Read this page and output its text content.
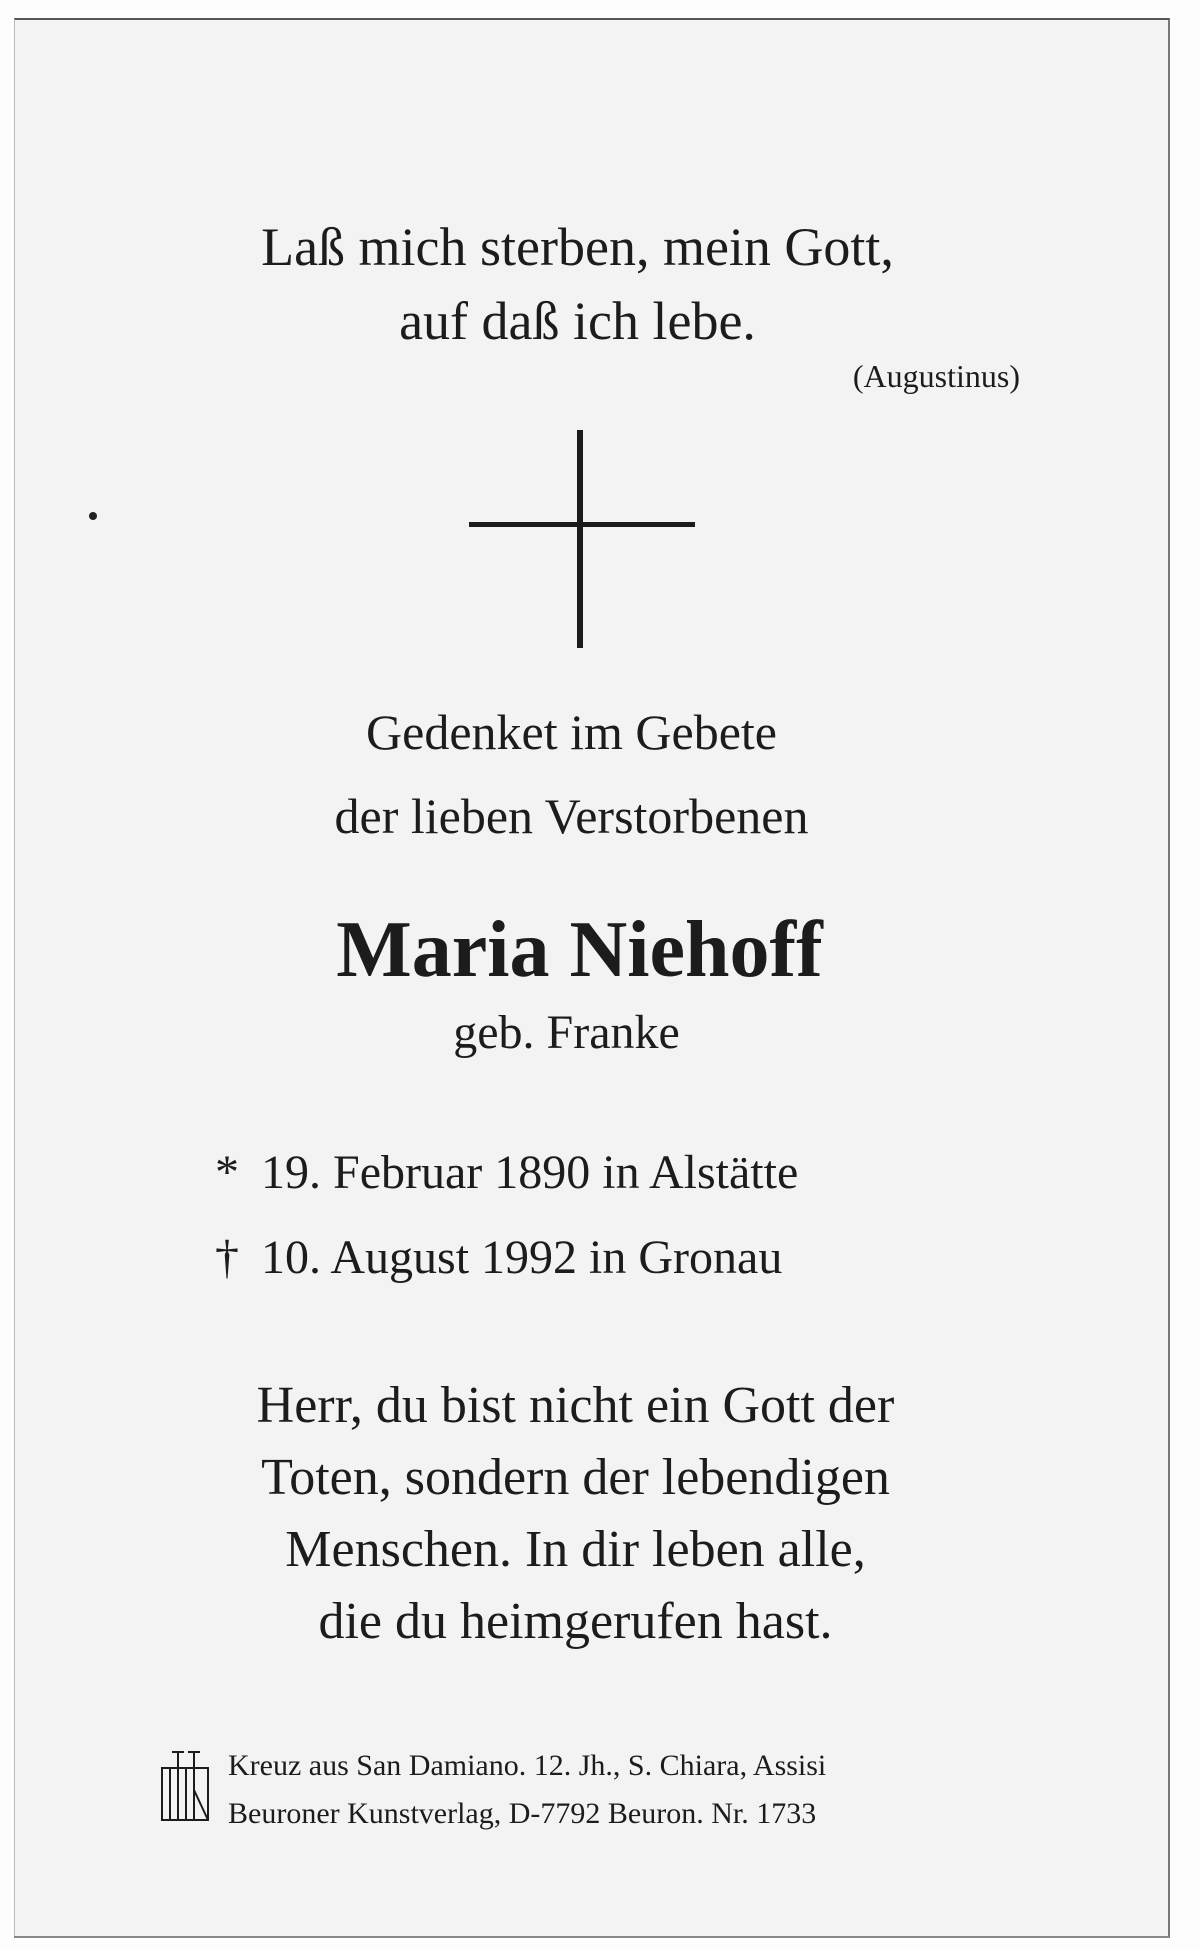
Laß mich sterben, mein Gott,
auf daß ich lebe.
(Augustinus)
Gedenket im Gebete
der lieben Verstorbenen
Maria Niehoff
geb. Franke
* 19. Februar 1890 in Alstätte
† 10. August 1992 in Gronau
Herr, du bist nicht ein Gott der
Toten, sondern der lebendigen
Menschen. In dir leben alle,
die du heimgerufen hast.
Kreuz aus San Damiano. 12. Jh., S. Chiara, Assisi
Beuroner Kunstverlag, D-7792 Beuron. Nr. 1733
